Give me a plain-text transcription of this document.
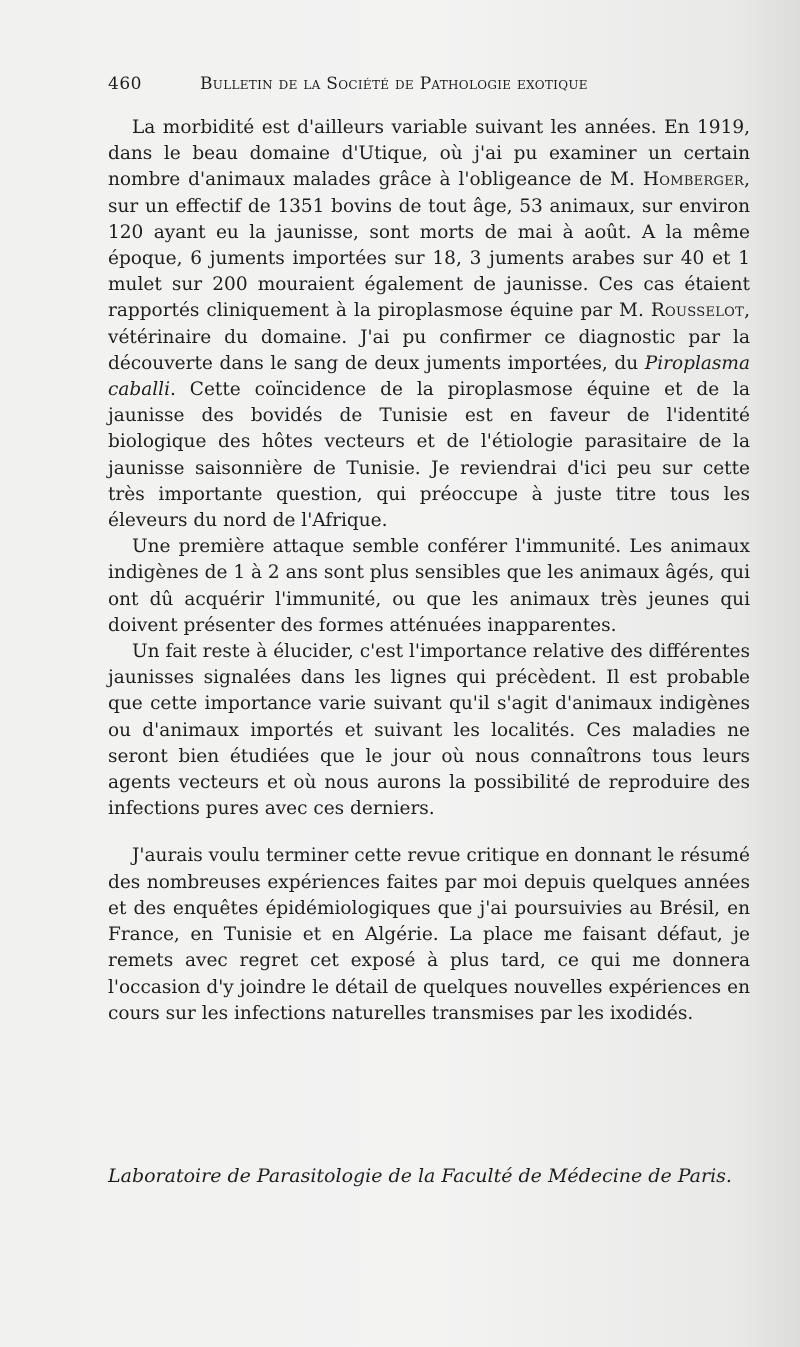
460	Bulletin de la Société de Pathologie exotique

La morbidité est d'ailleurs variable suivant les années. En 1919, dans le beau domaine d'Utique, où j'ai pu examiner un certain nombre d'animaux malades grâce à l'obligeance de M. Homberger, sur un effectif de 1351 bovins de tout âge, 53 animaux, sur environ 120 ayant eu la jaunisse, sont morts de mai à août. A la même époque, 6 juments importées sur 18, 3 juments arabes sur 40 et 1 mulet sur 200 mouraient également de jaunisse. Ces cas étaient rapportés cliniquement à la piroplasmose équine par M. Rousselot, vétérinaire du domaine. J'ai pu confirmer ce diagnostic par la découverte dans le sang de deux juments importées, du Piroplasma caballi. Cette coïncidence de la piroplasmose équine et de la jaunisse des bovidés de Tunisie est en faveur de l'identité biologique des hôtes vecteurs et de l'étiologie parasitaire de la jaunisse saisonnière de Tunisie. Je reviendrai d'ici peu sur cette très importante question, qui préoccupe à juste titre tous les éleveurs du nord de l'Afrique.

Une première attaque semble conférer l'immunité. Les animaux indigènes de 1 à 2 ans sont plus sensibles que les animaux âgés, qui ont dû acquérir l'immunité, ou que les animaux très jeunes qui doivent présenter des formes atténuées inapparentes.

Un fait reste à élucider, c'est l'importance relative des différentes jaunisses signalées dans les lignes qui précèdent. Il est probable que cette importance varie suivant qu'il s'agit d'animaux indigènes ou d'animaux importés et suivant les localités. Ces maladies ne seront bien étudiées que le jour où nous connaîtrons tous leurs agents vecteurs et où nous aurons la possibilité de reproduire des infections pures avec ces derniers.

J'aurais voulu terminer cette revue critique en donnant le résumé des nombreuses expériences faites par moi depuis quelques années et des enquêtes épidémiologiques que j'ai poursuivies au Brésil, en France, en Tunisie et en Algérie. La place me faisant défaut, je remets avec regret cet exposé à plus tard, ce qui me donnera l'occasion d'y joindre le détail de quelques nouvelles expériences en cours sur les infections naturelles transmises par les ixodidés.

Laboratoire de Parasitologie de la Faculté de Médecine de Paris.
